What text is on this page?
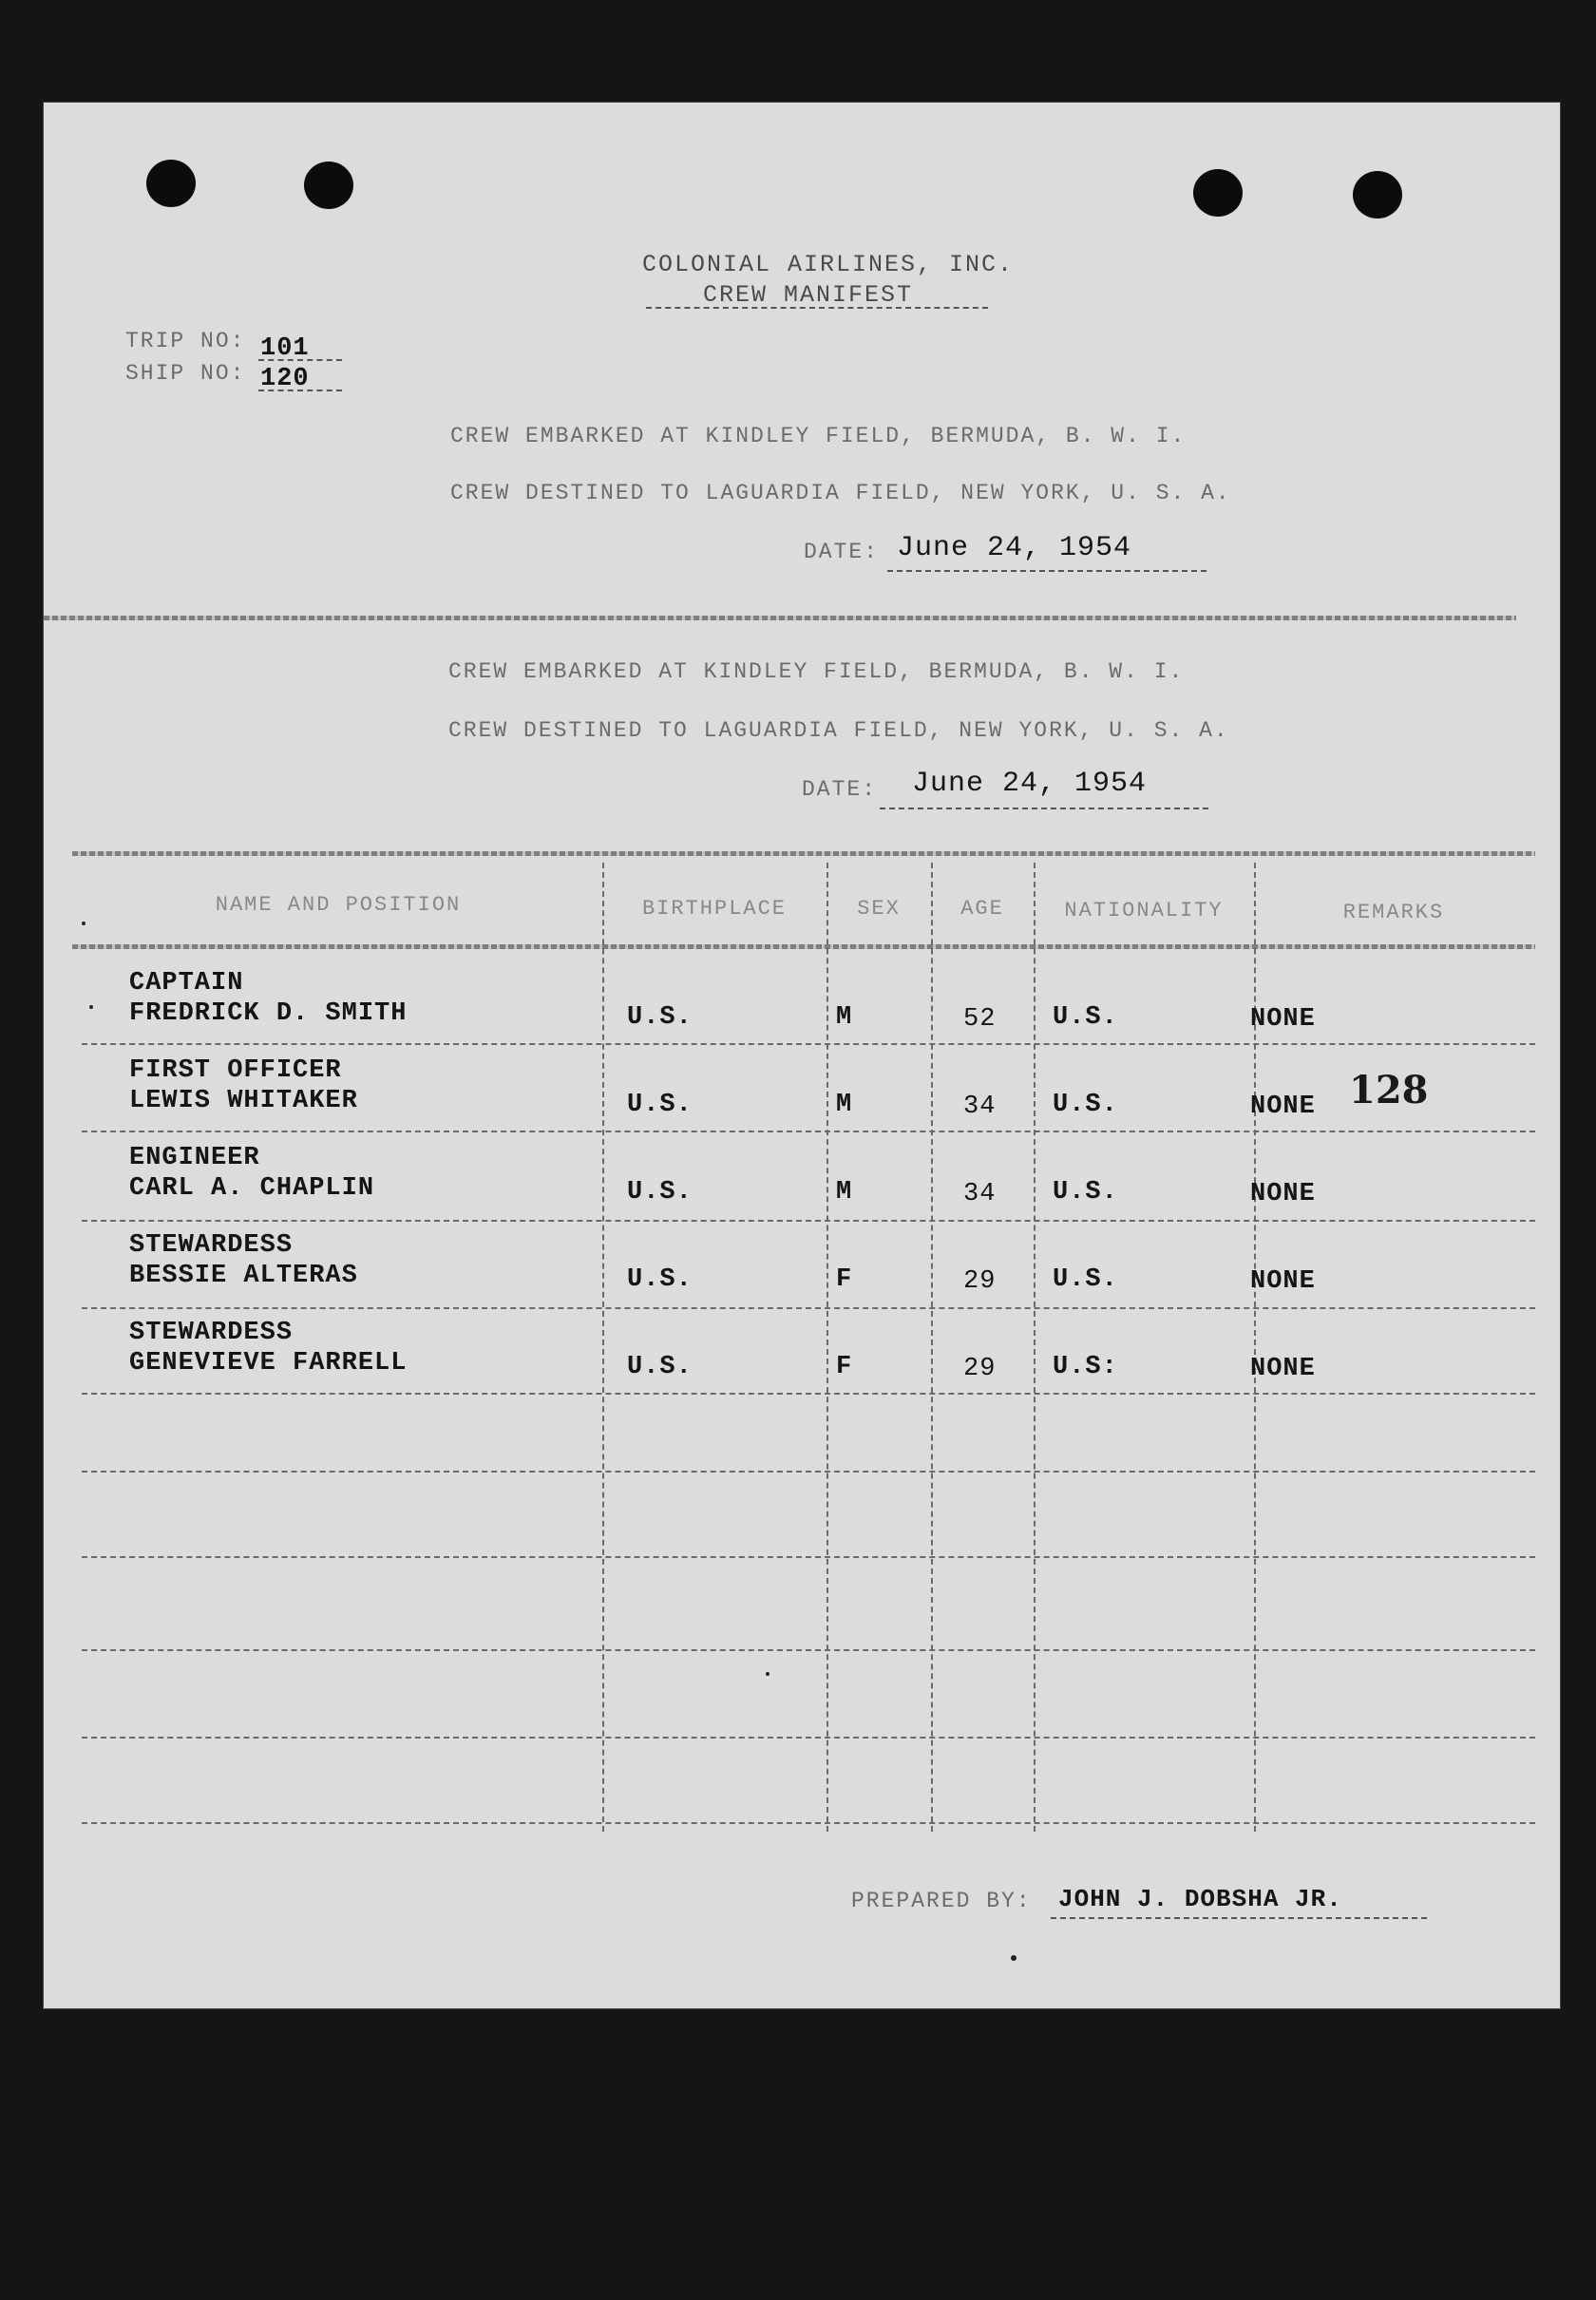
COLONIAL AIRLINES, INC.
CREW MANIFEST
TRIP NO: 101
SHIP NO: 120
CREW EMBARKED AT KINDLEY FIELD, BERMUDA, B. W. I.
CREW DESTINED TO LAGUARDIA FIELD, NEW YORK, U. S. A.
DATE: June 24, 1954
CREW EMBARKED AT KINDLEY FIELD, BERMUDA, B. W. I.
CREW DESTINED TO LAGUARDIA FIELD, NEW YORK, U. S. A.
DATE: June 24, 1954
NAME AND POSITION	BIRTHPLACE	SEX	AGE	NATIONALITY	REMARKS
CAPTAIN
FREDRICK D. SMITH	U.S.	M	52 U.S.	NONE
FIRST OFFICER
LEWIS WHITAKER	U.S.	M	34 U.S.	NONE 128
ENGINEER
CARL A. CHAPLIN	U.S.	M	34 U.S.	NONE
STEWARDESS
BESSIE ALTERAS	U.S.	F	29 U.S.	NONE
STEWARDESS
GENEVIEVE FARRELL	U.S.	F	29 U.S:	NONE
PREPARED BY: JOHN J. DOBSHA JR.
